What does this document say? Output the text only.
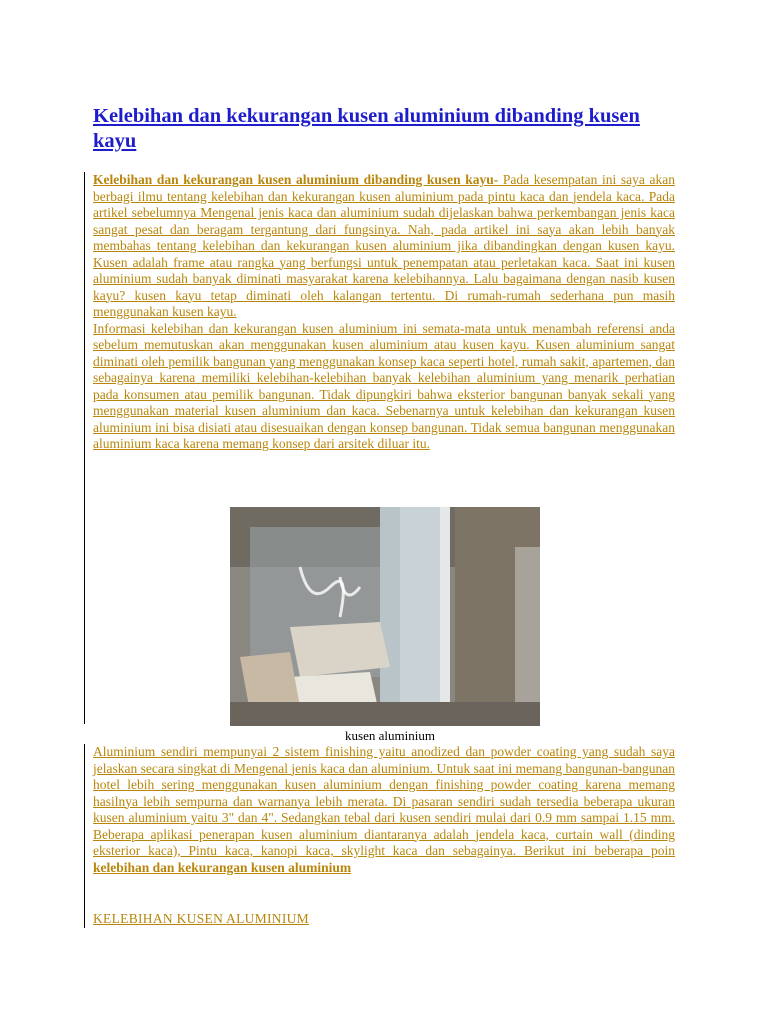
Kelebihan dan kekurangan kusen aluminium dibanding kusen kayu

Kelebihan dan kekurangan kusen aluminium dibanding kusen kayu- Pada kesempatan ini saya akan berbagi ilmu tentang kelebihan dan kekurangan kusen aluminium pada pintu kaca dan jendela kaca. Pada artikel sebelumnya Mengenal jenis kaca dan aluminium sudah dijelaskan bahwa perkembangan jenis kaca sangat pesat dan beragam tergantung dari fungsinya. Nah, pada artikel ini saya akan lebih banyak membahas tentang kelebihan dan kekurangan kusen aluminium jika dibandingkan dengan kusen kayu. Kusen adalah frame atau rangka yang berfungsi untuk penempatan atau perletakan kaca. Saat ini kusen aluminium sudah banyak diminati masyarakat karena kelebihannya. Lalu bagaimana dengan nasib kusen kayu? kusen kayu tetap diminati oleh kalangan tertentu. Di rumah-rumah sederhana pun masih menggunakan kusen kayu.

Informasi kelebihan dan kekurangan kusen aluminium ini semata-mata untuk menambah referensi anda sebelum memutuskan akan menggunakan kusen aluminium atau kusen kayu. Kusen aluminium sangat diminati oleh pemilik bangunan yang menggunakan konsep kaca seperti hotel, rumah sakit, apartemen, dan sebagainya karena memiliki kelebihan-kelebihan banyak kelebihan aluminium yang menarik perhatian pada konsumen atau pemilik bangunan. Tidak dipungkiri bahwa eksterior bangunan banyak sekali yang menggunakan material kusen aluminium dan kaca. Sebenarnya untuk kelebihan dan kekurangan kusen aluminium ini bisa disiati atau disesuaikan dengan konsep bangunan. Tidak semua bangunan menggunakan aluminium kaca karena memang konsep dari arsitek diluar itu.

kusen aluminium

Aluminium sendiri mempunyai 2 sistem finishing yaitu anodized dan powder coating yang sudah saya jelaskan secara singkat di Mengenal jenis kaca dan aluminium. Untuk saat ini memang bangunan-bangunan hotel lebih sering menggunakan kusen aluminium dengan finishing powder coating karena memang hasilnya lebih sempurna dan warnanya lebih merata. Di pasaran sendiri sudah tersedia beberapa ukuran kusen aluminium yaitu 3" dan 4". Sedangkan tebal dari kusen sendiri mulai dari 0.9 mm sampai 1.15 mm. Beberapa aplikasi penerapan kusen aluminium diantaranya adalah jendela kaca, curtain wall (dinding eksterior kaca), Pintu kaca, kanopi kaca, skylight kaca dan sebagainya. Berikut ini beberapa poin kelebihan dan kekurangan kusen aluminium

KELEBIHAN KUSEN ALUMINIUM
